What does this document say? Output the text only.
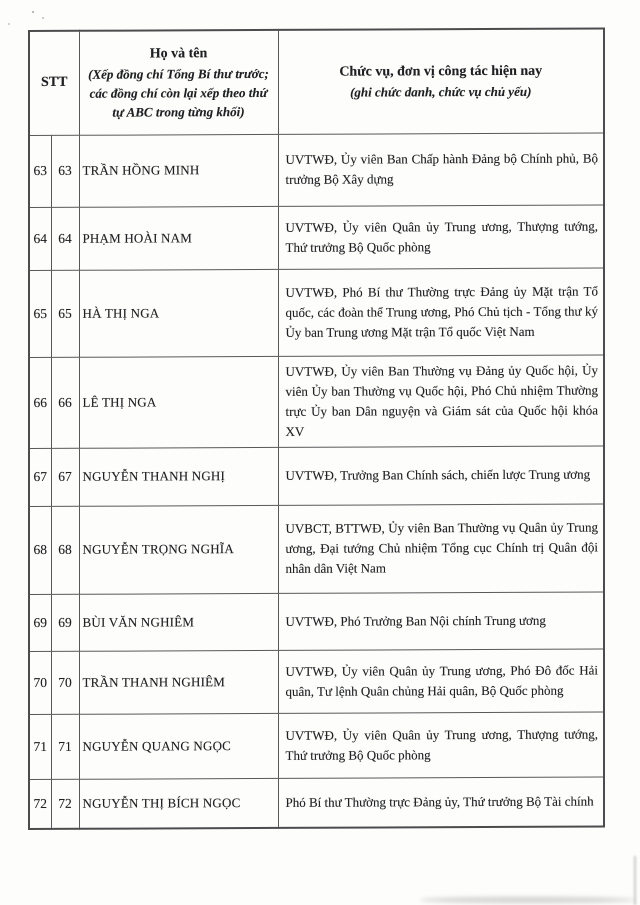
STT	
Họ và tên
(Xếp đồng chí Tổng Bí thư trước; các đồng chí còn lại xếp theo thứ tự ABC trong từng khối)

Chức vụ, đơn vị công tác hiện nay
(ghi chức danh, chức vụ chủ yếu)

63	63	TRẦN HỒNG MINH	UVTWĐ, Ủy viên Ban Chấp hành Đảng bộ Chính phủ, Bộ trưởng Bộ Xây dựng
64	64	PHẠM HOÀI NAM	UVTWĐ, Ủy viên Quân ủy Trung ương, Thượng tướng, Thứ trưởng Bộ Quốc phòng
65	65	HÀ THỊ NGA	UVTWĐ, Phó Bí thư Thường trực Đảng ủy Mặt trận Tổ quốc, các đoàn thể Trung ương, Phó Chủ tịch - Tổng thư ký Ủy ban Trung ương Mặt trận Tổ quốc Việt Nam
66	66	LÊ THỊ NGA	UVTWĐ, Ủy viên Ban Thường vụ Đảng ủy Quốc hội, Ủy viên Ủy ban Thường vụ Quốc hội, Phó Chủ nhiệm Thường trực Ủy ban Dân nguyện và Giám sát của Quốc hội khóa XV
67	67	NGUYỄN THANH NGHỊ	UVTWĐ, Trưởng Ban Chính sách, chiến lược Trung ương
68	68	NGUYỄN TRỌNG NGHĨA	UVBCT, BTTWĐ, Ủy viên Ban Thường vụ Quân ủy Trung ương, Đại tướng Chủ nhiệm Tổng cục Chính trị Quân đội nhân dân Việt Nam
69	69	BÙI VĂN NGHIÊM	UVTWĐ, Phó Trưởng Ban Nội chính Trung ương
70	70	TRẦN THANH NGHIÊM	UVTWĐ, Ủy viên Quân ủy Trung ương, Phó Đô đốc Hải quân, Tư lệnh Quân chủng Hải quân, Bộ Quốc phòng
71	71	NGUYỄN QUANG NGỌC	UVTWĐ, Ủy viên Quân ủy Trung ương, Thượng tướng, Thứ trưởng Bộ Quốc phòng
72	72	NGUYỄN THỊ BÍCH NGỌC	Phó Bí thư Thường trực Đảng ủy, Thứ trưởng Bộ Tài chính
